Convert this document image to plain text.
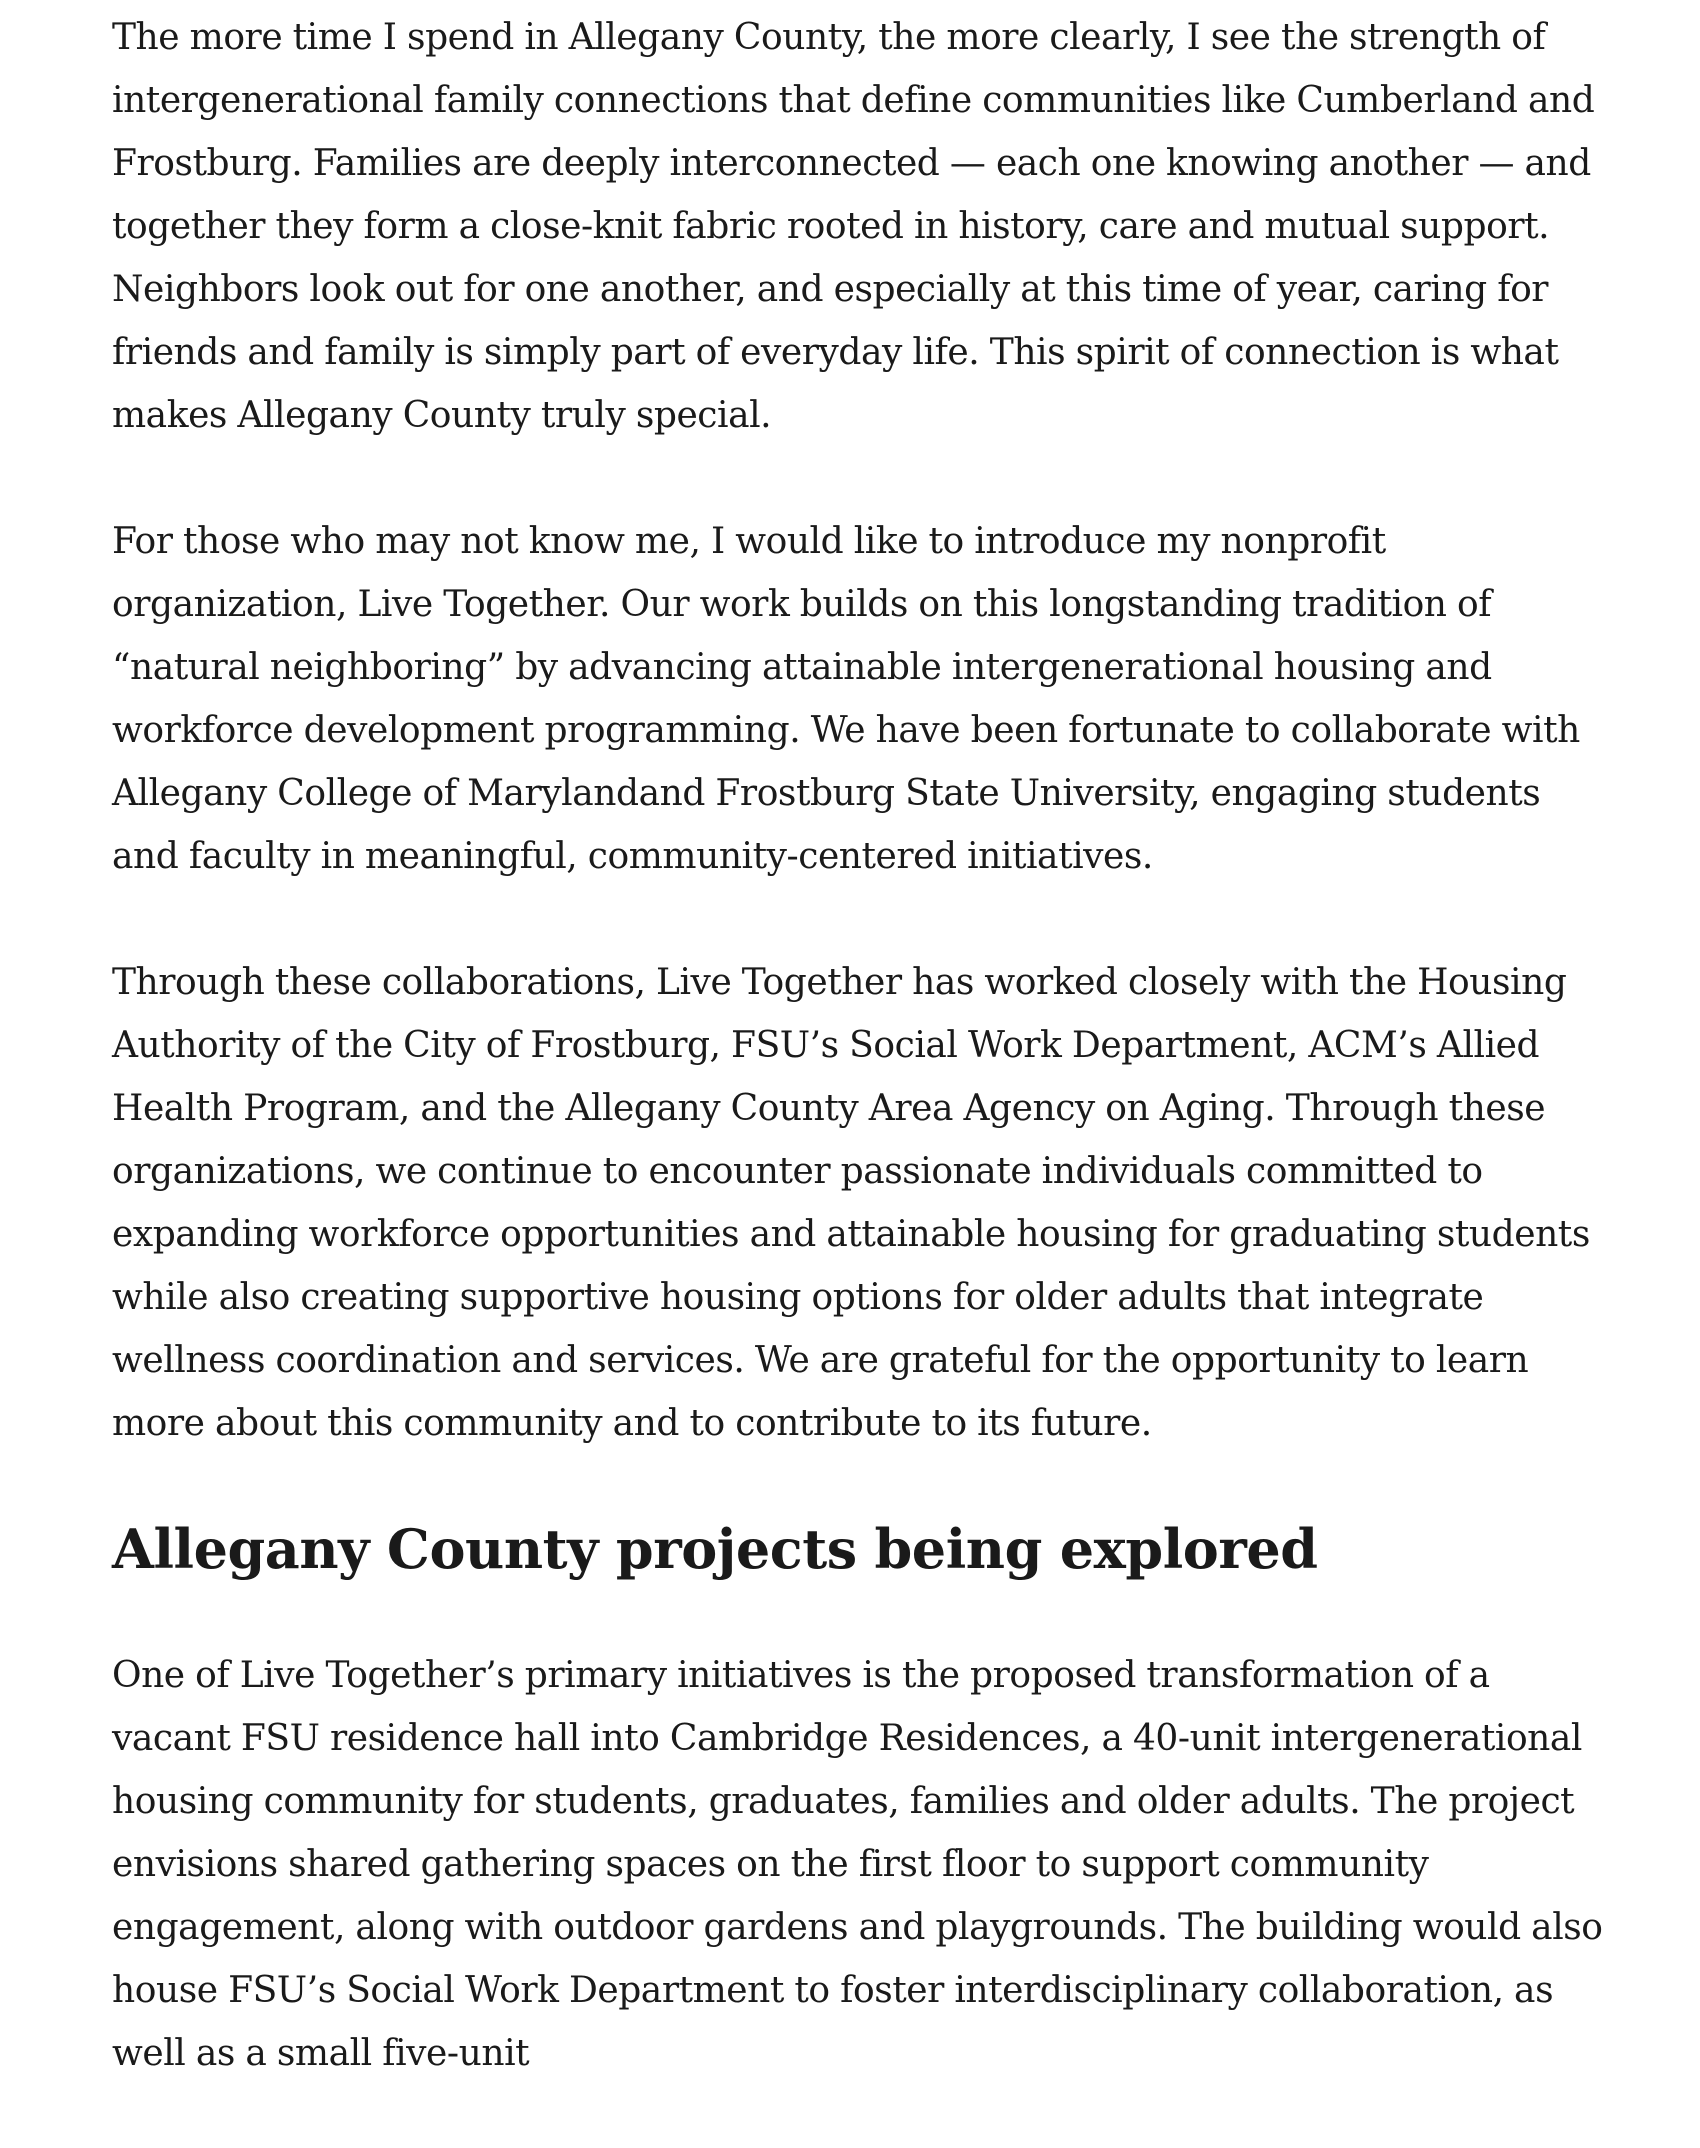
The more time I spend in Allegany County, the more clearly, I see the strength of intergenerational family connections that define communities like Cumberland and Frostburg. Families are deeply interconnected — each one knowing another — and together they form a close-knit fabric rooted in history, care and mutual support. Neighbors look out for one another, and especially at this time of year, caring for friends and family is simply part of everyday life. This spirit of connection is what makes Allegany County truly special.

For those who may not know me, I would like to introduce my nonprofit organization, Live Together. Our work builds on this longstanding tradition of “natural neighboring” by advancing attainable intergenerational housing and workforce development programming. We have been fortunate to collaborate with Allegany College of Marylandand Frostburg State University, engaging students and faculty in meaningful, community-centered initiatives.

Through these collaborations, Live Together has worked closely with the Housing Authority of the City of Frostburg, FSU’s Social Work Department, ACM’s Allied Health Program, and the Allegany County Area Agency on Aging. Through these organizations, we continue to encounter passionate individuals committed to expanding workforce opportunities and attainable housing for graduating students while also creating supportive housing options for older adults that integrate wellness coordination and services. We are grateful for the opportunity to learn more about this community and to contribute to its future.

Allegany County projects being explored

One of Live Together’s primary initiatives is the proposed transformation of a vacant FSU residence hall into Cambridge Residences, a 40-unit intergenerational housing community for students, graduates, families and older adults. The project envisions shared gathering spaces on the first floor to support community engagement, along with outdoor gardens and playgrounds. The building would also house FSU’s Social Work Department to foster interdisciplinary collaboration, as well as a small five-unit
